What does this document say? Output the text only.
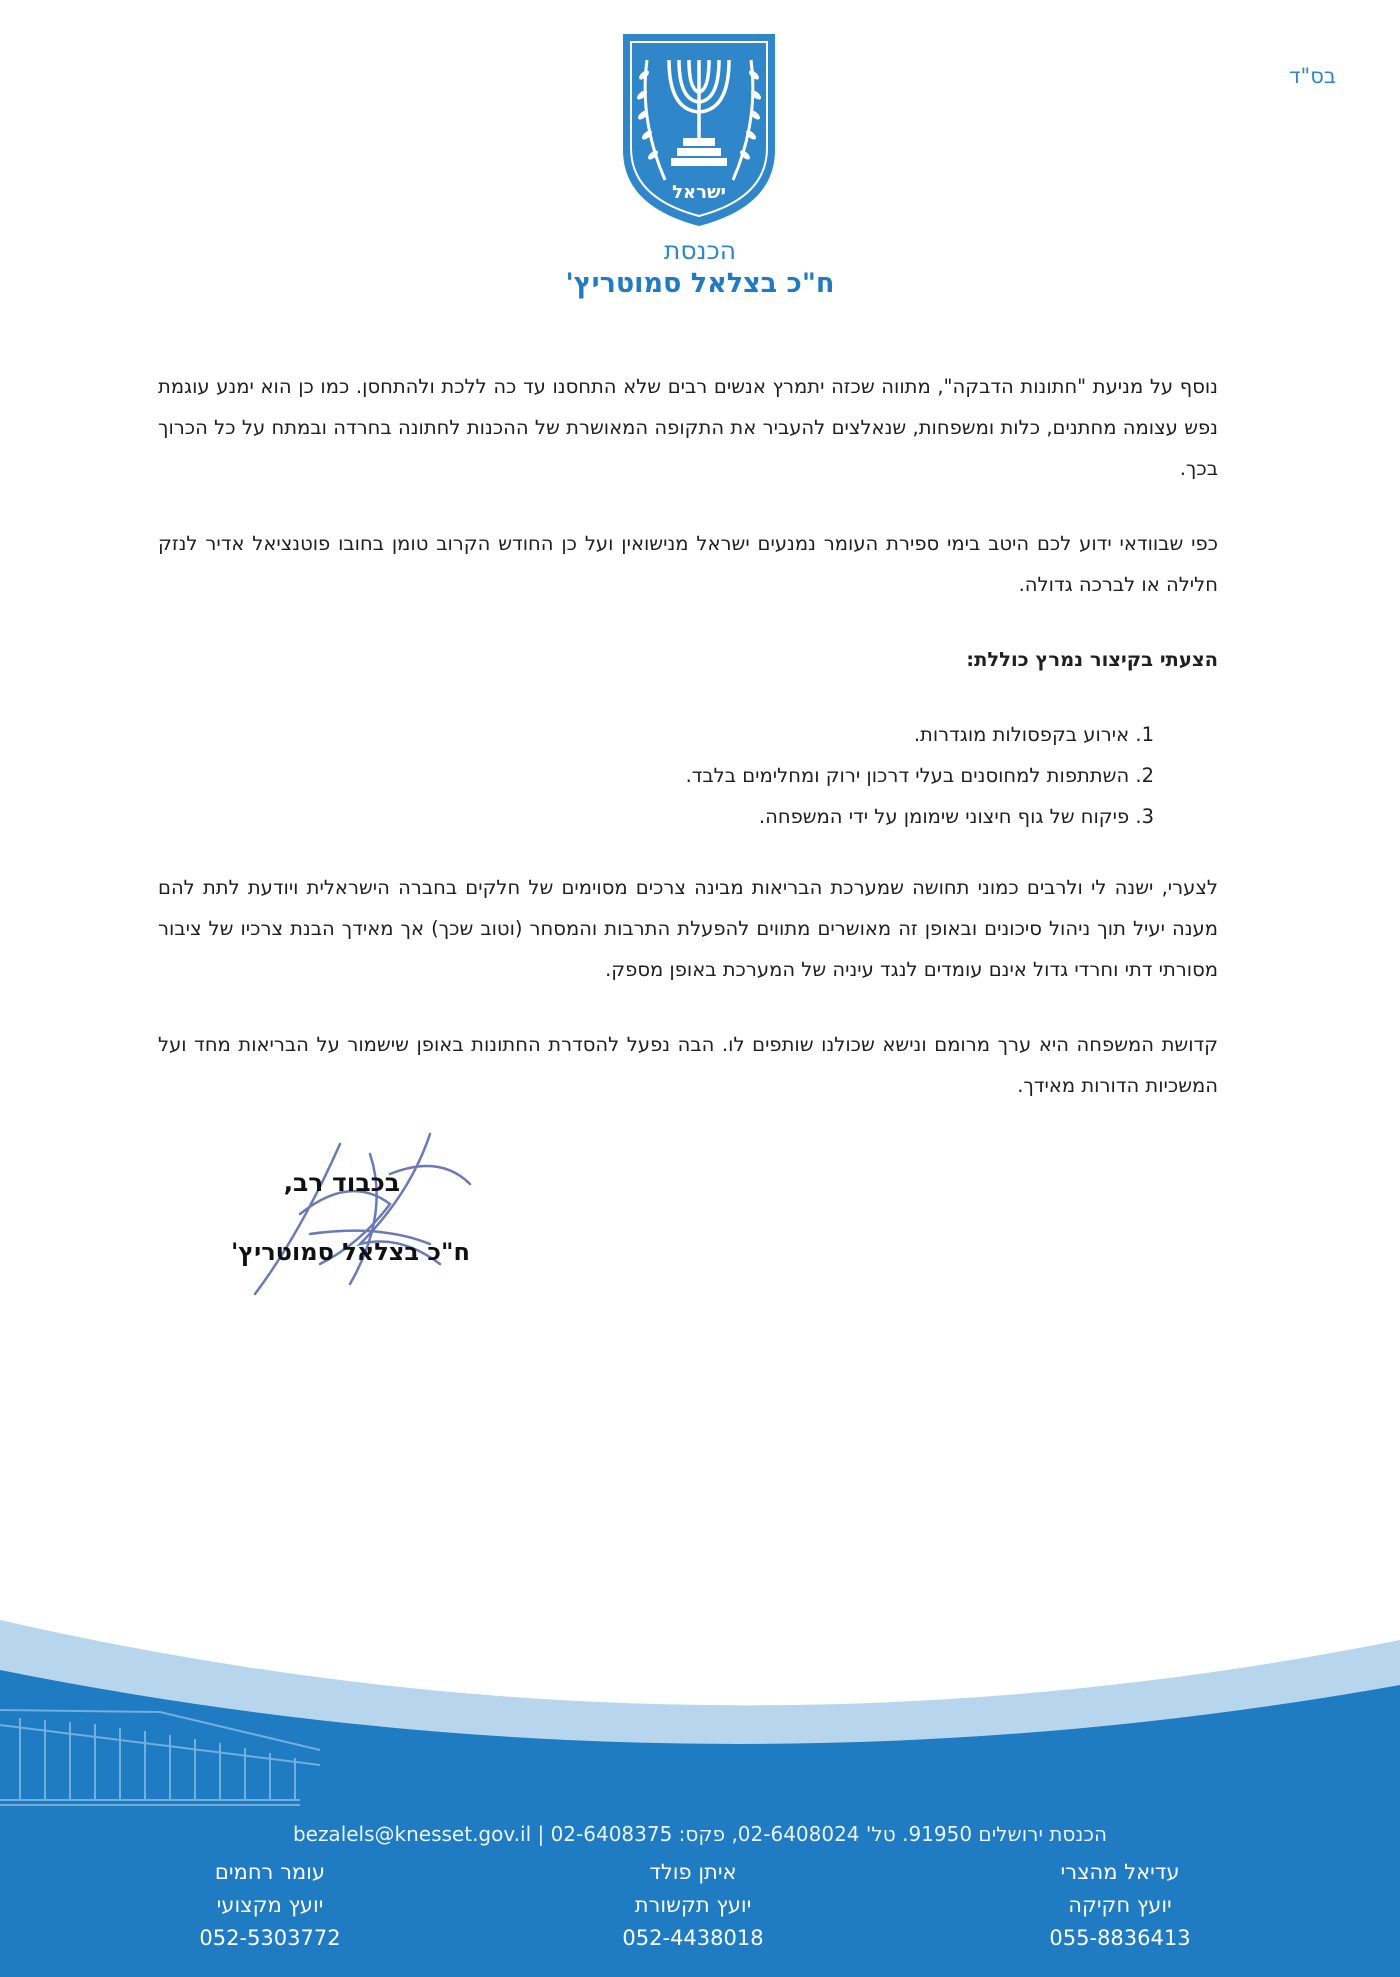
בס"ד
ישראל
הכנסת
ח"כ בצלאל סמוטריץ'

נוסף על מניעת "חתונות הדבקה", מתווה שכזה יתמרץ אנשים רבים שלא התחסנו עד כה ללכת ולהתחסן. כמו כן הוא ימנע עוגמת נפש עצומה מחתנים, כלות ומשפחות, שנאלצים להעביר את התקופה המאושרת של ההכנות לחתונה בחרדה ובמתח על כל הכרוך בכך.

כפי שבוודאי ידוע לכם היטב בימי ספירת העומר נמנעים ישראל מנישואין ועל כן החודש הקרוב טומן בחובו פוטנציאל אדיר לנזק חלילה או לברכה גדולה.

הצעתי בקיצור נמרץ כוללת:

1. אירוע בקפסולות מוגדרות.
2. השתתפות למחוסנים בעלי דרכון ירוק ומחלימים בלבד.
3. פיקוח של גוף חיצוני שימומן על ידי המשפחה.

לצערי, ישנה לי ולרבים כמוני תחושה שמערכת הבריאות מבינה צרכים מסוימים של חלקים בחברה הישראלית ויודעת לתת להם מענה יעיל תוך ניהול סיכונים ובאופן זה מאושרים מתווים להפעלת התרבות והמסחר (וטוב שכך) אך מאידך הבנת צרכיו של ציבור מסורתי דתי וחרדי גדול אינם עומדים לנגד עיניה של המערכת באופן מספק.

קדושת המשפחה היא ערך מרומם ונישא שכולנו שותפים לו. הבה נפעל להסדרת החתונות באופן שישמור על הבריאות מחד ועל המשכיות הדורות מאידך.

בכבוד רב,
ח"כ בצלאל סמוטריץ'
הכנסת ירושלים 91950. טל' 02-6408024, פקס: 02-6408375 | bezalels@knesset.gov.il
עדיאל מהצרי
יועץ חקיקה
055-8836413
איתן פולד
יועץ תקשורת
052-4438018
עומר רחמים
יועץ מקצועי
052-5303772
